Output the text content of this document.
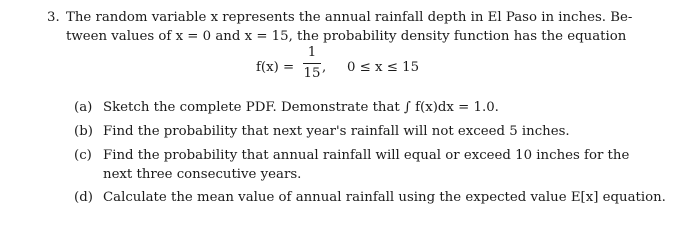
3. The random variable x represents the annual rainfall depth in El Paso in inches. Be-
tween values of x = 0 and x = 15, the probability density function has the equation
f(x) =
1
15 , 0 ≤ x ≤ 15
(a) Sketch the complete PDF. Demonstrate that ∫ f(x)dx = 1.0.
(b) Find the probability that next year's rainfall will not exceed 5 inches.
(c) Find the probability that annual rainfall will equal or exceed 10 inches for the
next three consecutive years.
(d) Calculate the mean value of annual rainfall using the expected value E[x] equation.
